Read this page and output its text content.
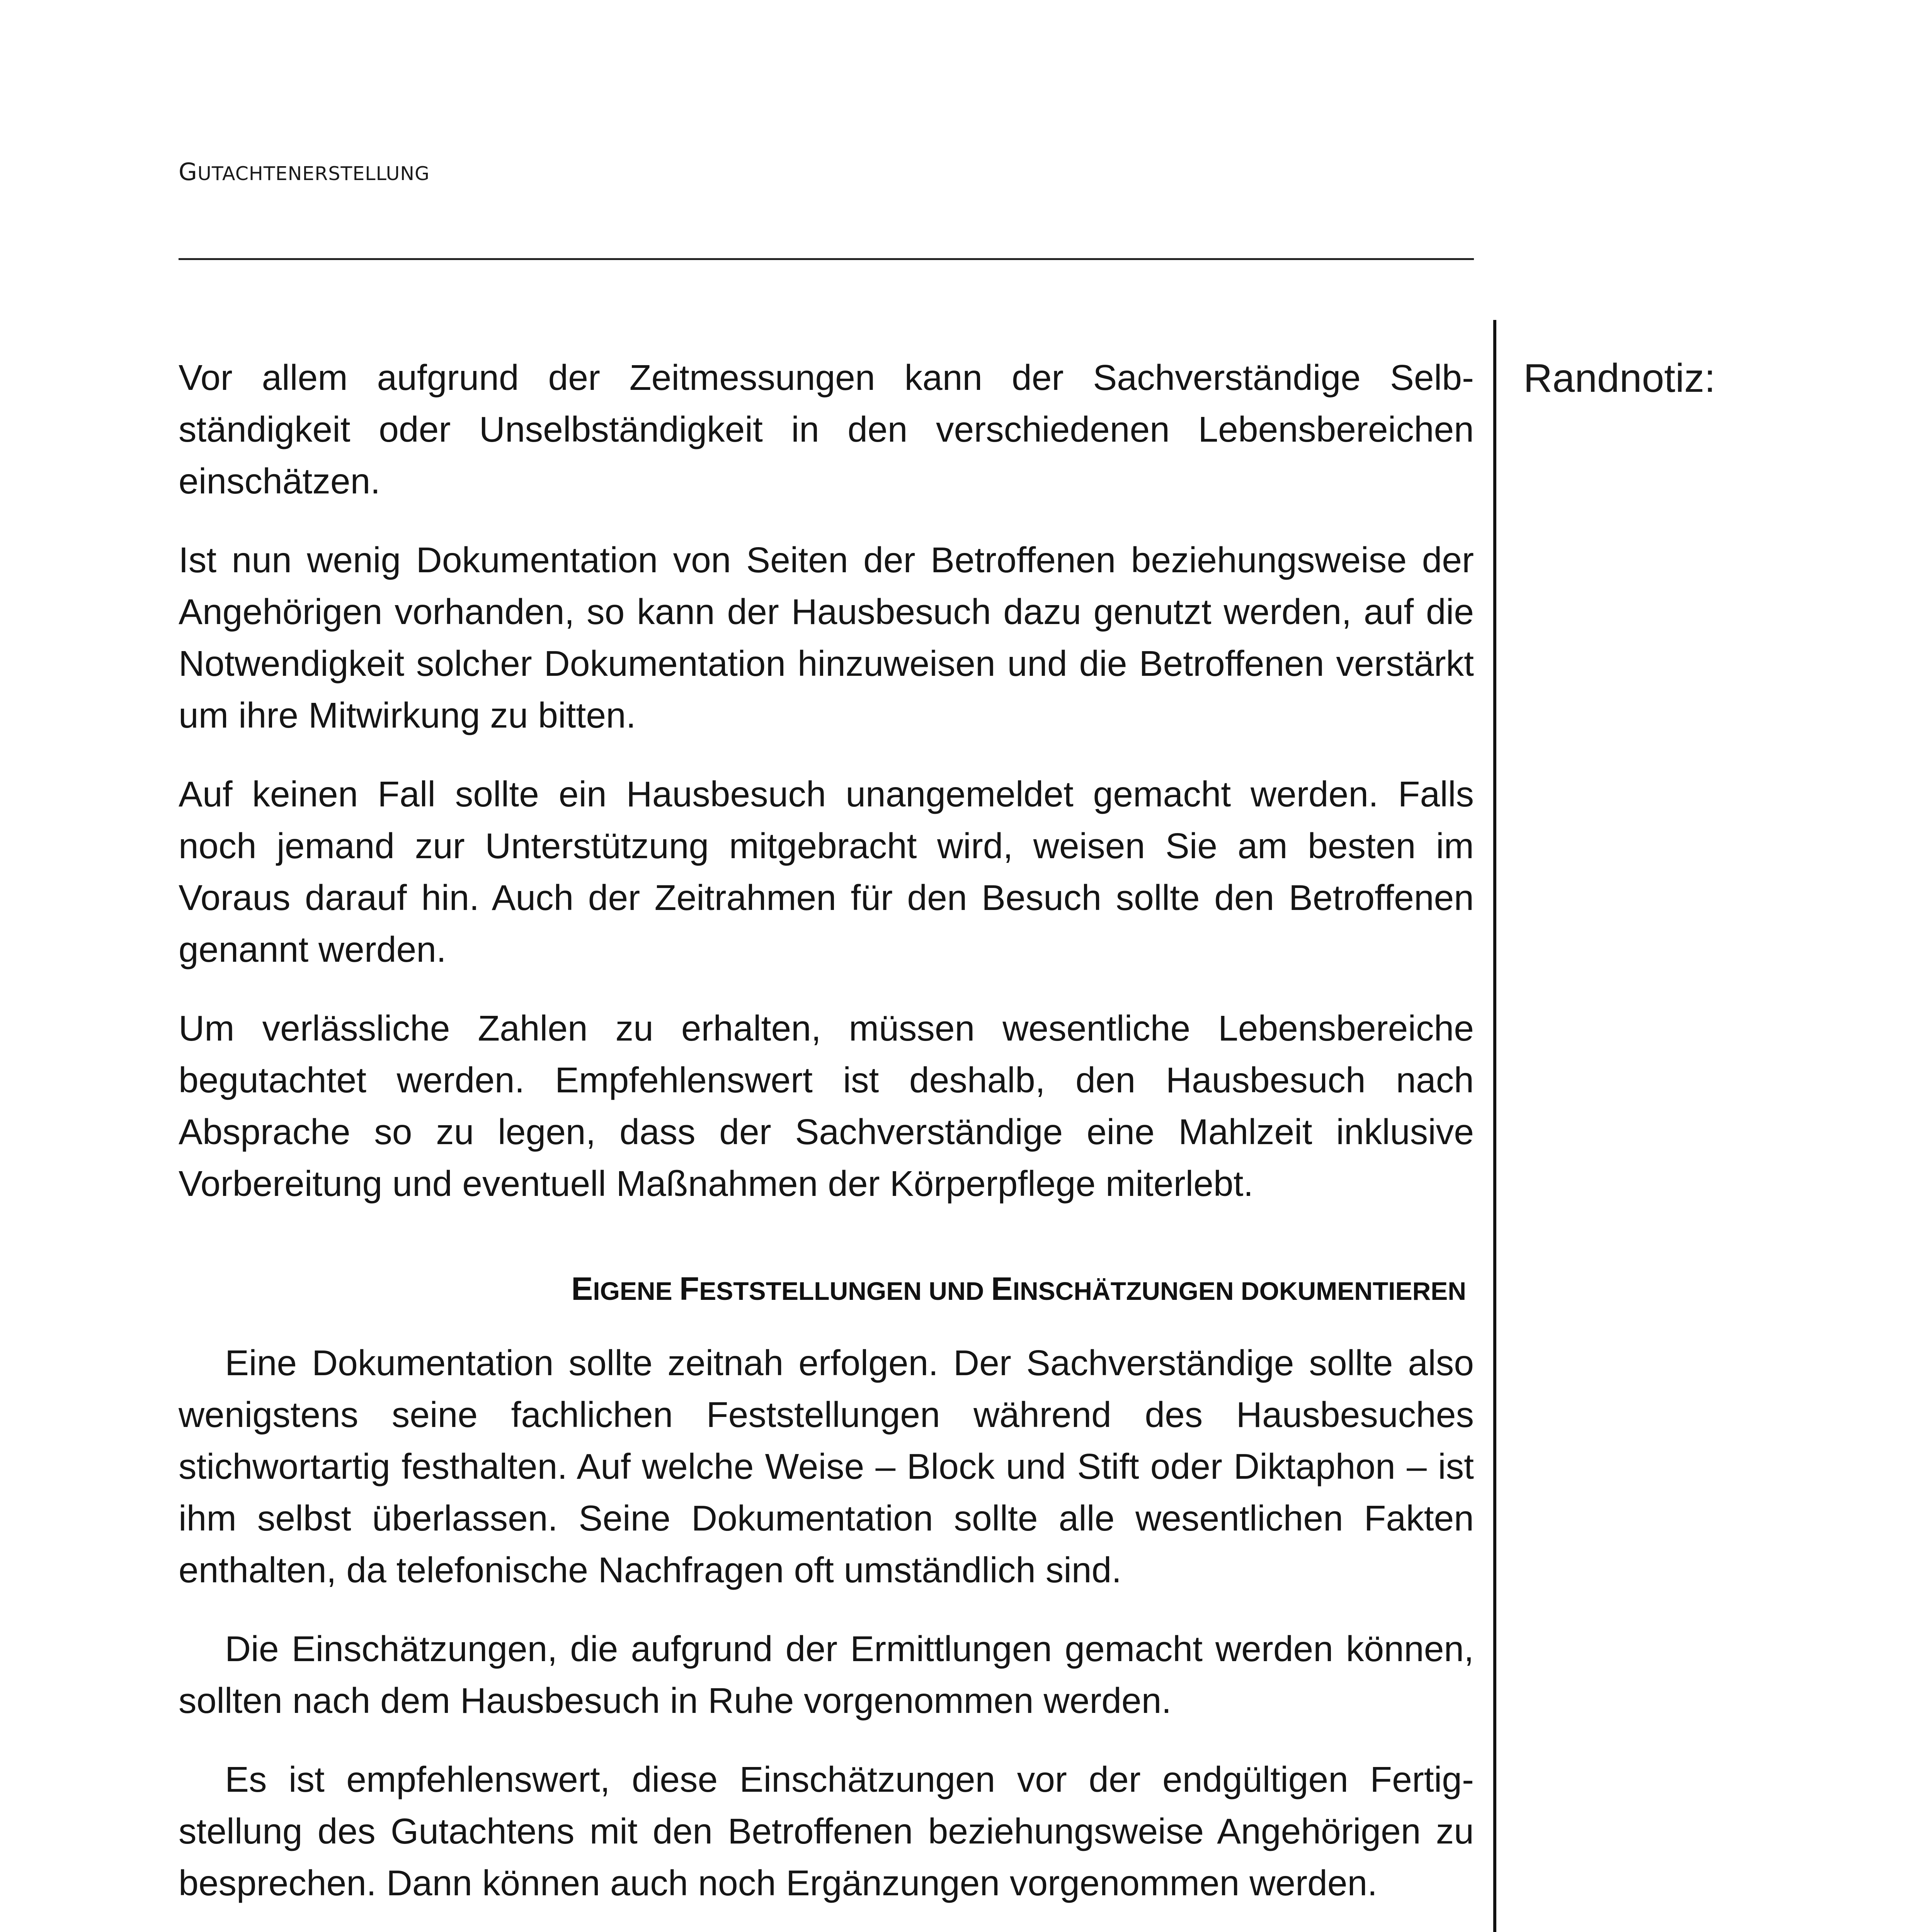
GUTACHTENERSTELLUNG

Randnotiz:

Vor allem aufgrund der Zeitmessungen kann der Sachverständige Selbständigkeit oder Unselbständigkeit in den verschiedenen Lebensbereichen einschätzen.

Ist nun wenig Dokumentation von Seiten der Betroffenen beziehungsweise der Angehörigen vorhanden, so kann der Hausbesuch dazu genutzt werden, auf die Notwendigkeit solcher Dokumentation hinzuweisen und die Betroffenen verstärkt um ihre Mitwirkung zu bitten.

Auf keinen Fall sollte ein Hausbesuch unangemeldet gemacht werden. Falls noch jemand zur Unterstützung mitgebracht wird, weisen Sie am besten im Voraus darauf hin. Auch der Zeitrahmen für den Besuch sollte den Betroffenen genannt werden.

Um verlässliche Zahlen zu erhalten, müssen wesentliche Lebensbereiche begutachtet werden. Empfehlenswert ist deshalb, den Hausbesuch nach Absprache so zu legen, dass der Sachverständige eine Mahlzeit inklusive Vorbereitung und eventuell Maßnahmen der Körperpflege miterlebt.

EIGENE FESTSTELLUNGEN UND EINSCHÄTZUNGEN DOKUMENTIEREN

Eine Dokumentation sollte zeitnah erfolgen. Der Sachverständige sollte also wenigstens seine fachlichen Feststellungen während des Hausbesuches stichwortartig festhalten. Auf welche Weise – Block und Stift oder Diktaphon – ist ihm selbst überlassen. Seine Dokumentation sollte alle wesentlichen Fakten enthalten, da telefonische Nachfragen oft umständlich sind.

Die Einschätzungen, die aufgrund der Ermittlungen gemacht werden können, sollten nach dem Hausbesuch in Ruhe vorgenommen werden.

Es ist empfehlenswert, diese Einschätzungen vor der endgültigen Fertigstellung des Gutachtens mit den Betroffenen beziehungsweise Angehörigen zu besprechen. Dann können auch noch Ergänzungen vorgenommen werden.
